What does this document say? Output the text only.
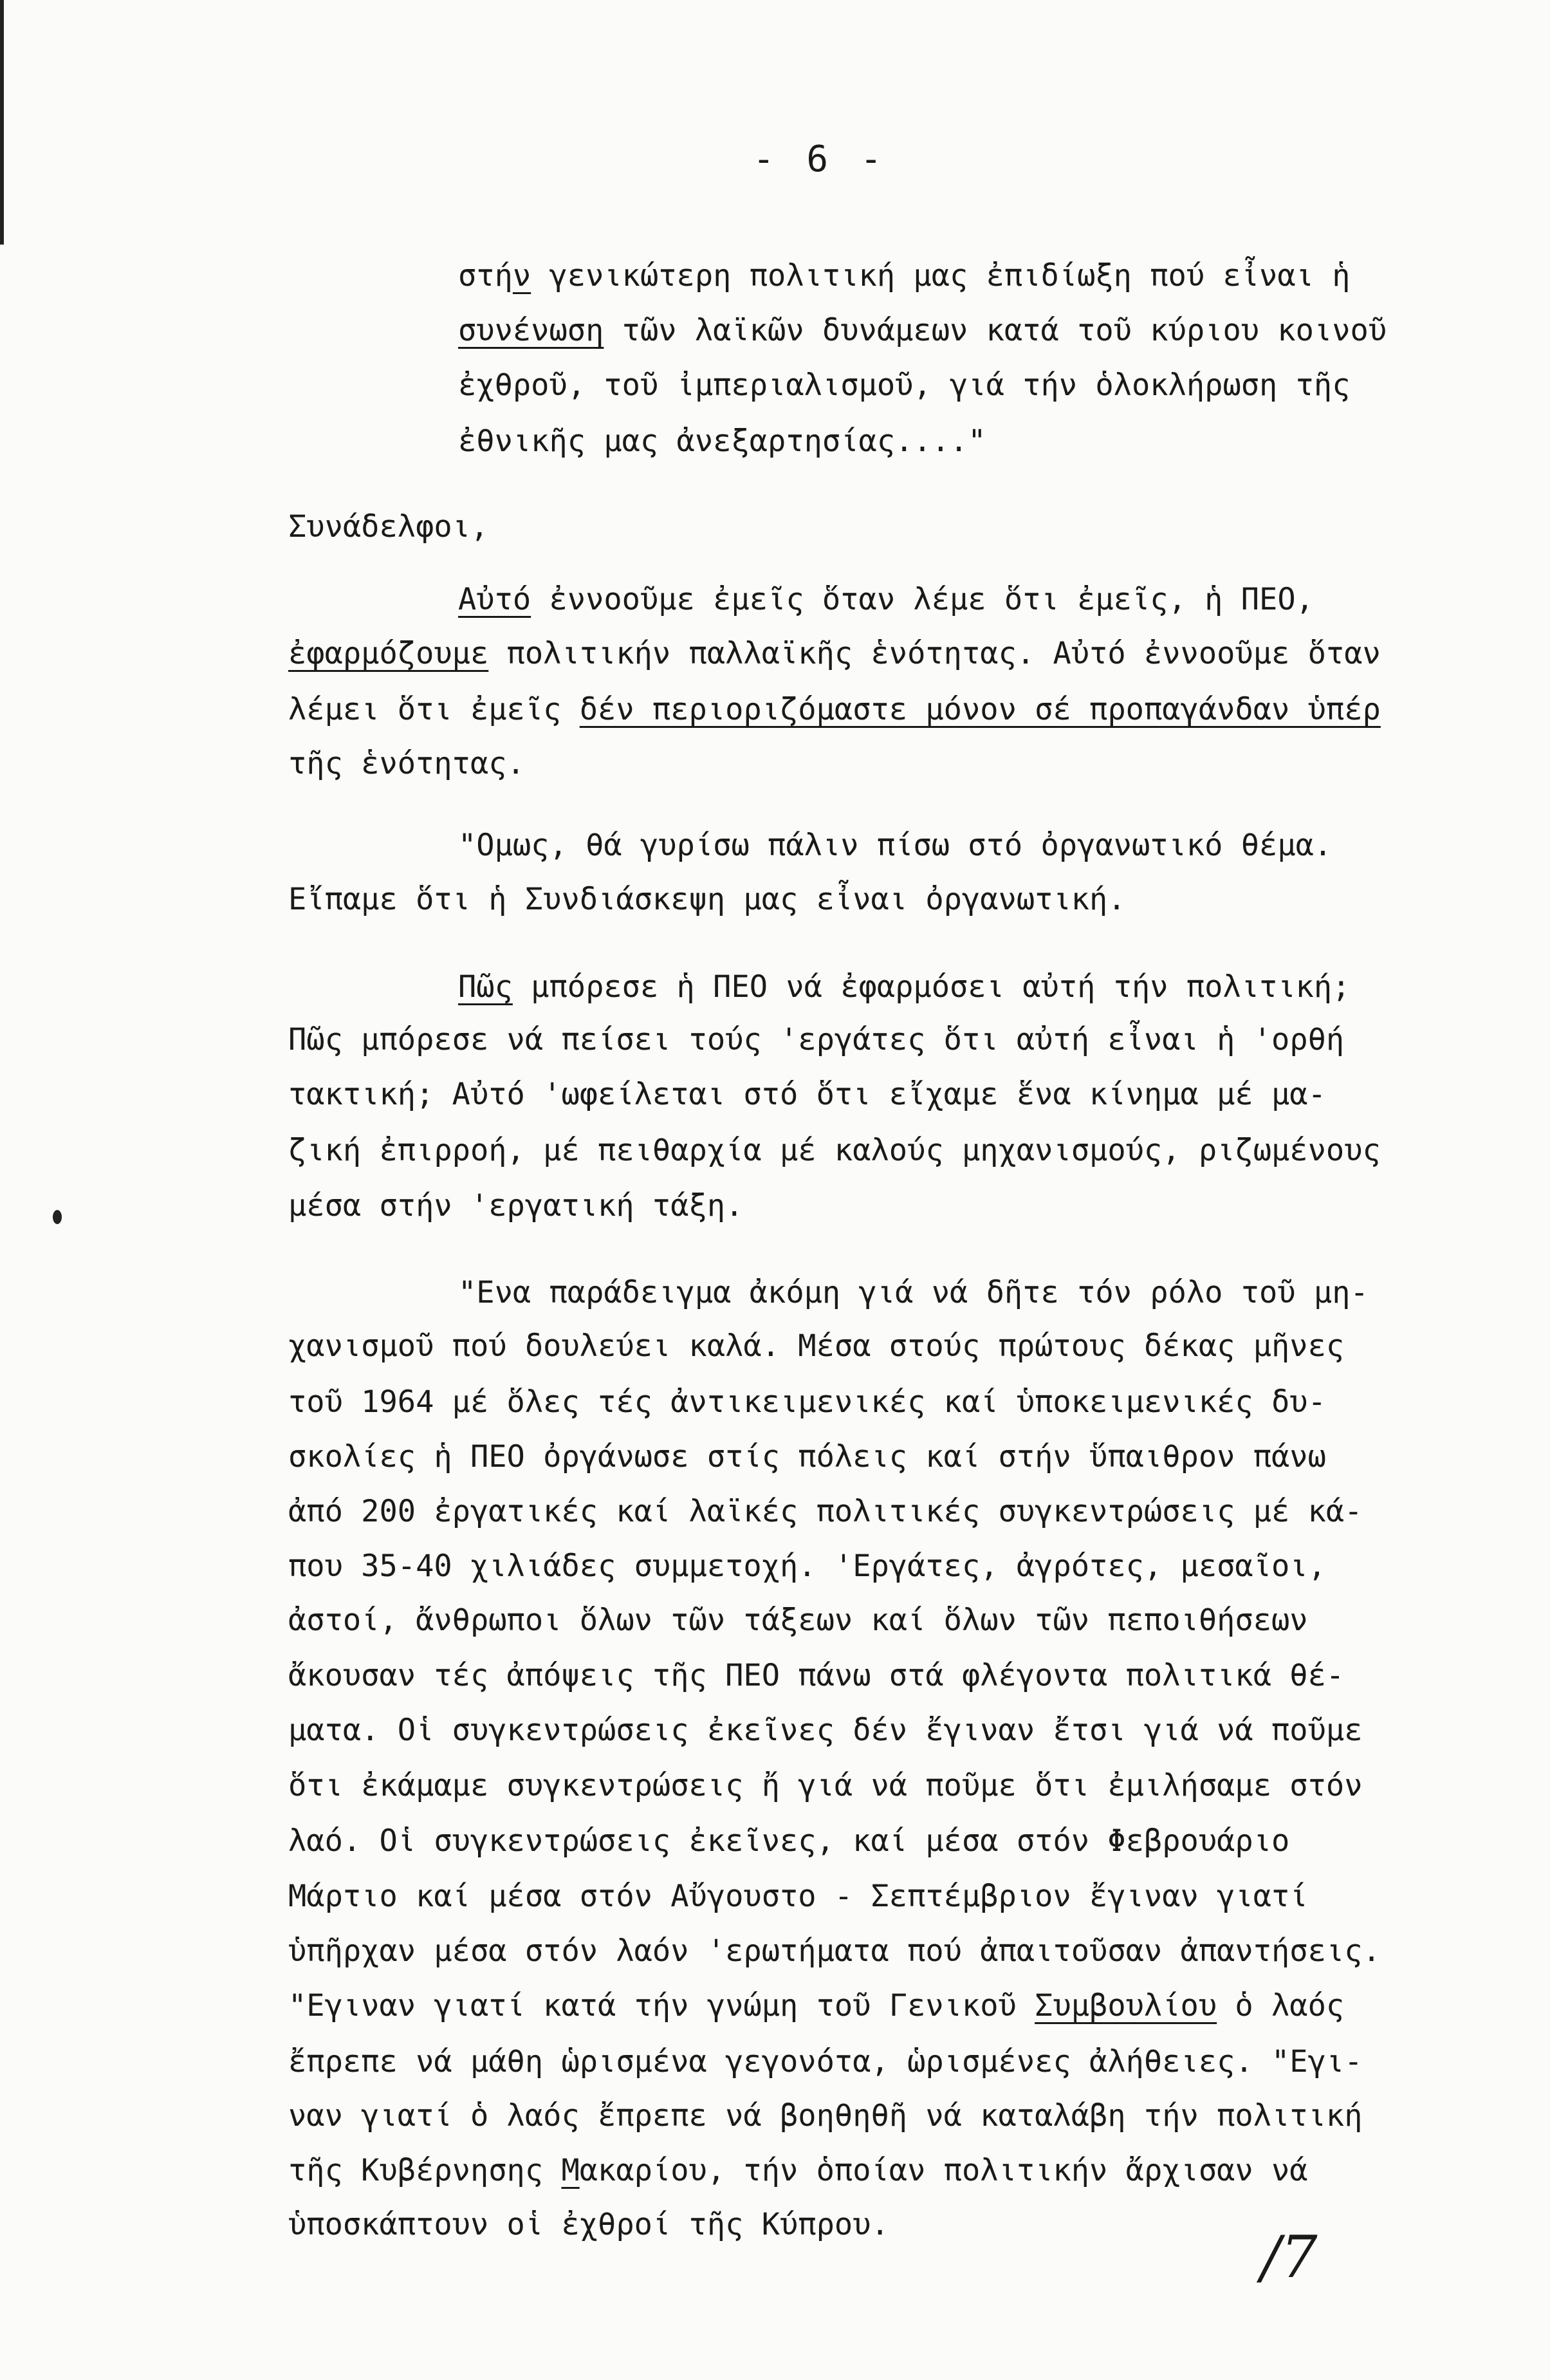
- 6 -
στήν γενικώτερη πολιτική μας ἐπιδίωξη πού εἶναι ἡ
συνένωση τῶν λαϊκῶν δυνάμεων κατά τοῦ κύριου κοινοῦ
ἐχθροῦ, τοῦ ἰμπεριαλισμοῦ, γιά τήν ὁλοκλήρωση τῆς
ἐθνικῆς μας ἀνεξαρτησίας...."
Συνάδελφοι,
Αὐτό ἐννοοῦμε ἐμεῖς ὅταν λέμε ὅτι ἐμεῖς, ἡ ΠΕΟ,
ἐφαρμόζουμε πολιτικήν παλλαϊκῆς ἑνότητας. Αὐτό ἐννοοῦμε ὅταν
λέμει ὅτι ἐμεῖς δέν περιοριζόμαστε μόνον σέ προπαγάνδαν ὑπέρ
τῆς ἑνότητας.
"Ομως, θά γυρίσω πάλιν πίσω στό ὀργανωτικό θέμα.
Εἴπαμε ὅτι ἡ Συνδιάσκεψη μας εἶναι ὀργανωτική.
Πῶς μπόρεσε ἡ ΠΕΟ νά ἐφαρμόσει αὐτή τήν πολιτική;
Πῶς μπόρεσε νά πείσει τούς 'εργάτες ὅτι αὐτή εἶναι ἡ 'ορθή
τακτική; Αὐτό 'ωφείλεται στό ὅτι εἴχαμε ἕνα κίνημα μέ μα-
ζική ἐπιρροή, μέ πειθαρχία μέ καλούς μηχανισμούς, ριζωμένους
μέσα στήν 'εργατική τάξη.
"Ενα παράδειγμα ἀκόμη γιά νά δῆτε τόν ρόλο τοῦ μη-
χανισμοῦ πού δουλεύει καλά. Μέσα στούς πρώτους δέκας μῆνες
τοῦ 1964 μέ ὅλες τές ἀντικειμενικές καί ὑποκειμενικές δυ-
σκολίες ἡ ΠΕΟ ὀργάνωσε στίς πόλεις καί στήν ὕπαιθρον πάνω
ἀπό 200 ἐργατικές καί λαϊκές πολιτικές συγκεντρώσεις μέ κά-
που 35-40 χιλιάδες συμμετοχή. 'Εργάτες, ἀγρότες, μεσαῖοι,
ἀστοί, ἄνθρωποι ὅλων τῶν τάξεων καί ὅλων τῶν πεποιθήσεων
ἄκουσαν τές ἀπόψεις τῆς ΠΕΟ πάνω στά φλέγοντα πολιτικά θέ-
ματα. Οἱ συγκεντρώσεις ἐκεῖνες δέν ἔγιναν ἔτσι γιά νά ποῦμε
ὅτι ἐκάμαμε συγκεντρώσεις ἤ γιά νά ποῦμε ὅτι ἐμιλήσαμε στόν
λαό. Οἱ συγκεντρώσεις ἐκεῖνες, καί μέσα στόν Φεβρουάριο
Μάρτιο καί μέσα στόν Αὔγουστο - Σεπτέμβριον ἔγιναν γιατί
ὑπῆρχαν μέσα στόν λαόν 'ερωτήματα πού ἀπαιτοῦσαν ἀπαντήσεις.
"Εγιναν γιατί κατά τήν γνώμη τοῦ Γενικοῦ Συμβουλίου ὁ λαός
ἔπρεπε νά μάθη ὡρισμένα γεγονότα, ὡρισμένες ἀλήθειες. "Εγι-
ναν γιατί ὁ λαός ἔπρεπε νά βοηθηθῆ νά καταλάβη τήν πολιτική
τῆς Κυβέρνησης Μακαρίου, τήν ὁποίαν πολιτικήν ἄρχισαν νά
ὑποσκάπτουν οἱ ἐχθροί τῆς Κύπρου.	/7
